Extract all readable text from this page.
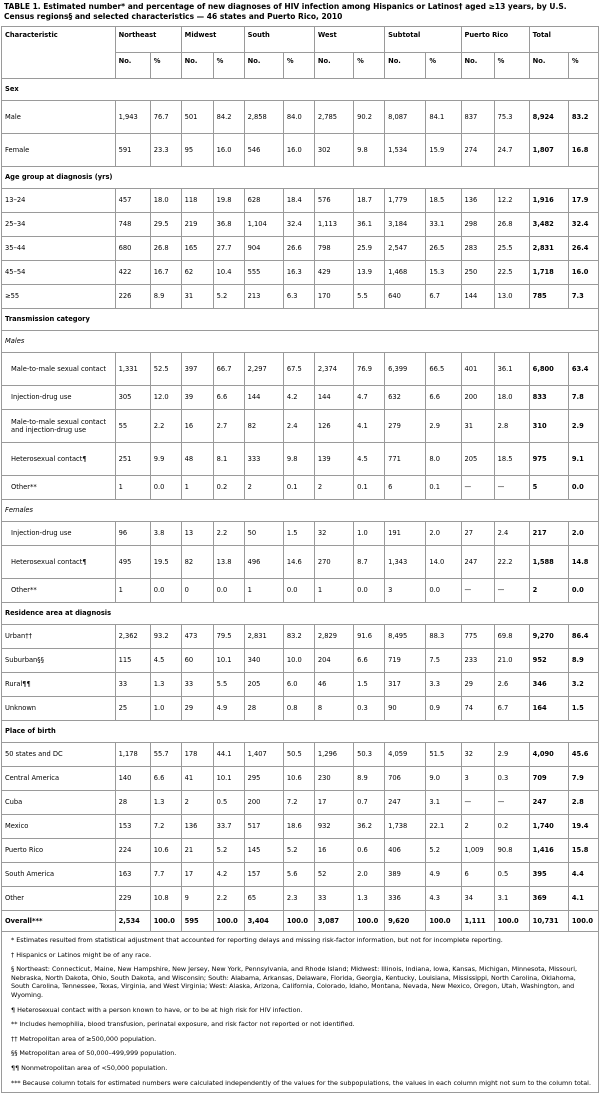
TABLE 1. Estimated number* and percentage of new diagnoses of HIV infection among Hispanics or Latinos† aged ≥13 years, by U.S. Census regions§ and selected characteristics — 46 states and Puerto Rico, 2010
Characteristic	Northeast		Midwest		South		West		Subtotal		Puerto Rico		Total	
	No.	%	No.	%	No.	%	No.	%	No.	%	No.	%	No.	%
Sex														
Male	1,943	76.7	501	84.2	2,858	84.0	2,785	90.2	8,087	84.1	837	75.3	8,924	83.2
Female	591	23.3	95	16.0	546	16.0	302	9.8	1,534	15.9	274	24.7	1,807	16.8
Age group at diagnosis (yrs)														
13–24	457	18.0	118	19.8	628	18.4	576	18.7	1,779	18.5	136	12.2	1,916	17.9
25–34	748	29.5	219	36.8	1,104	32.4	1,113	36.1	3,184	33.1	298	26.8	3,482	32.4
35–44	680	26.8	165	27.7	904	26.6	798	25.9	2,547	26.5	283	25.5	2,831	26.4
45–54	422	16.7	62	10.4	555	16.3	429	13.9	1,468	15.3	250	22.5	1,718	16.0
≥55	226	8.9	31	5.2	213	6.3	170	5.5	640	6.7	144	13.0	785	7.3
Transmission category														
Males														
Male-to-male sexual contact	1,331	52.5	397	66.7	2,297	67.5	2,374	76.9	6,399	66.5	401	36.1	6,800	63.4
Injection-drug use	305	12.0	39	6.6	144	4.2	144	4.7	632	6.6	200	18.0	833	7.8
Male-to-male sexual contact and injection-drug use	55	2.2	16	2.7	82	2.4	126	4.1	279	2.9	31	2.8	310	2.9
Heterosexual contact¶	251	9.9	48	8.1	333	9.8	139	4.5	771	8.0	205	18.5	975	9.1
Other**	1	0.0	1	0.2	2	0.1	2	0.1	6	0.1	—	—	5	0.0
Females														
Injection-drug use	96	3.8	13	2.2	50	1.5	32	1.0	191	2.0	27	2.4	217	2.0
Heterosexual contact¶	495	19.5	82	13.8	496	14.6	270	8.7	1,343	14.0	247	22.2	1,588	14.8
Other**	1	0.0	0	0.0	1	0.0	1	0.0	3	0.0	—	—	2	0.0
Residence area at diagnosis														
Urban††	2,362	93.2	473	79.5	2,831	83.2	2,829	91.6	8,495	88.3	775	69.8	9,270	86.4
Suburban§§	115	4.5	60	10.1	340	10.0	204	6.6	719	7.5	233	21.0	952	8.9
Rural¶¶	33	1.3	33	5.5	205	6.0	46	1.5	317	3.3	29	2.6	346	3.2
Unknown	25	1.0	29	4.9	28	0.8	8	0.3	90	0.9	74	6.7	164	1.5
Place of birth														
50 states and DC	1,178	55.7	178	44.1	1,407	50.5	1,296	50.3	4,059	51.5	32	2.9	4,090	45.6
Central America	140	6.6	41	10.1	295	10.6	230	8.9	706	9.0	3	0.3	709	7.9
Cuba	28	1.3	2	0.5	200	7.2	17	0.7	247	3.1	—	—	247	2.8
Mexico	153	7.2	136	33.7	517	18.6	932	36.2	1,738	22.1	2	0.2	1,740	19.4
Puerto Rico	224	10.6	21	5.2	145	5.2	16	0.6	406	5.2	1,009	90.8	1,416	15.8
South America	163	7.7	17	4.2	157	5.6	52	2.0	389	4.9	6	0.5	395	4.4
Other	229	10.8	9	2.2	65	2.3	33	1.3	336	4.3	34	3.1	369	4.1
Overall***	2,534	100.0	595	100.0	3,404	100.0	3,087	100.0	9,620	100.0	1,111	100.0	10,731	100.0
* Estimates resulted from statistical adjustment that accounted for reporting delays and missing risk-factor information, but not for incomplete reporting.														
† Hispanics or Latinos might be of any race.														
§ Northeast: Connecticut, Maine, New Hampshire, New Jersey, New York, Pennsylvania, and Rhode Island; Midwest: Illinois, Indiana, Iowa, Kansas, Michigan, Minnesota, Missouri, Nebraska, North Dakota, Ohio, South Dakota, and Wisconsin; South: Alabama, Arkansas, Delaware, Florida, Georgia, Kentucky, Louisiana, Mississippi, North Carolina, Oklahoma, South Carolina, Tennessee, Texas, Virginia, and West Virginia; West: Alaska, Arizona, California, Colorado, Idaho, Montana, Nevada, New Mexico, Oregon, Utah, Washington, and Wyoming.														
¶ Heterosexual contact with a person known to have, or to be at high risk for HIV infection.														
** Includes hemophilia, blood transfusion, perinatal exposure, and risk factor not reported or not identified.														
†† Metropolitan area of ≥500,000 population.														
§§ Metropolitan area of 50,000–499,999 population.														
¶¶ Nonmetropolitan area of <50,000 population.														
*** Because column totals for estimated numbers were calculated independently of the values for the subpopulations, the values in each column might not sum to the column total.														
